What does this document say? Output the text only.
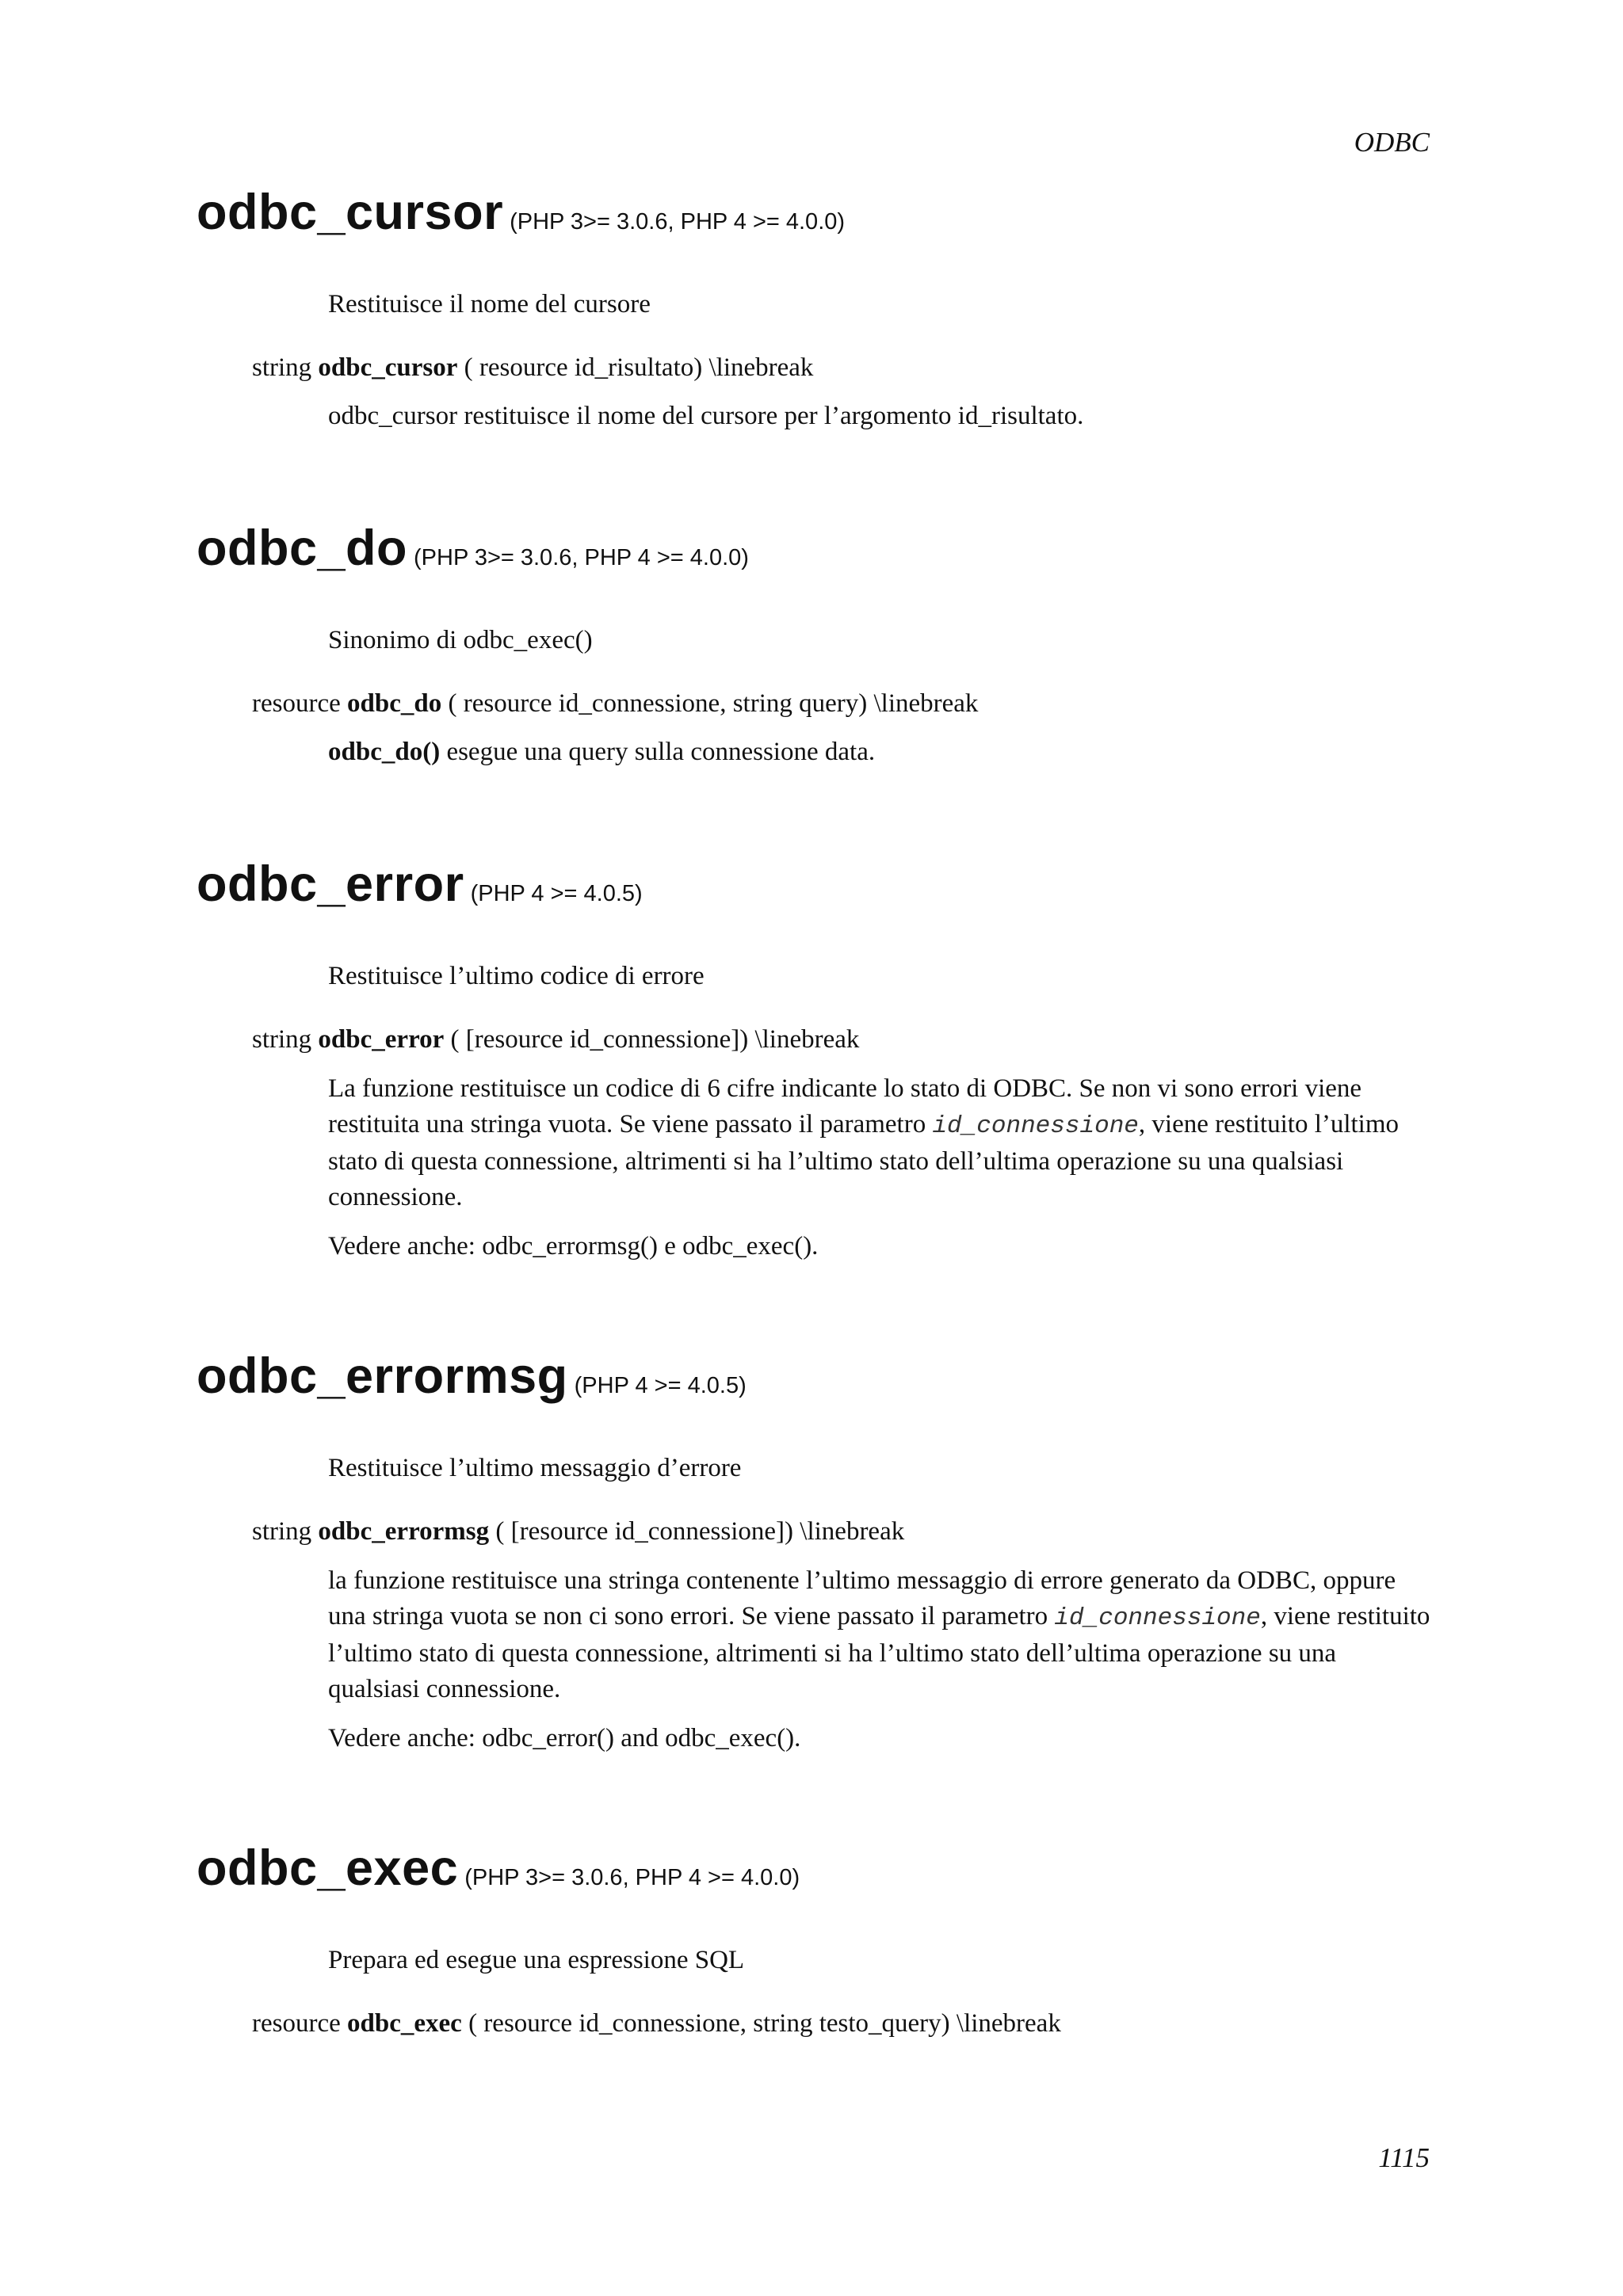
ODBC
odbc_cursor (PHP 3>= 3.0.6, PHP 4 >= 4.0.0)
Restituisce il nome del cursore
string odbc_cursor ( resource id_risultato) \linebreak

odbc_cursor restituisce il nome del cursore per l’argomento id_risultato.

odbc_do (PHP 3>= 3.0.6, PHP 4 >= 4.0.0)
Sinonimo di odbc_exec()
resource odbc_do ( resource id_connessione, string query) \linebreak

odbc_do() esegue una query sulla connessione data.

odbc_error (PHP 4 >= 4.0.5)
Restituisce l’ultimo codice di errore
string odbc_error ( [resource id_connessione]) \linebreak

La funzione restituisce un codice di 6 cifre indicante lo stato di ODBC. Se non vi sono errori viene restituita una stringa vuota. Se viene passato il parametro id_connessione, viene restituito l’ultimo stato di questa connessione, altrimenti si ha l’ultimo stato dell’ultima operazione su una qualsiasi connessione.

Vedere anche: odbc_errormsg() e odbc_exec().

odbc_errormsg (PHP 4 >= 4.0.5)
Restituisce l’ultimo messaggio d’errore
string odbc_errormsg ( [resource id_connessione]) \linebreak

la funzione restituisce una stringa contenente l’ultimo messaggio di errore generato da ODBC, oppure una stringa vuota se non ci sono errori. Se viene passato il parametro id_connessione, viene restituito l’ultimo stato di questa connessione, altrimenti si ha l’ultimo stato dell’ultima operazione su una qualsiasi connessione.

Vedere anche: odbc_error() and odbc_exec().

odbc_exec (PHP 3>= 3.0.6, PHP 4 >= 4.0.0)
Prepara ed esegue una espressione SQL
resource odbc_exec ( resource id_connessione, string testo_query) \linebreak
1115
